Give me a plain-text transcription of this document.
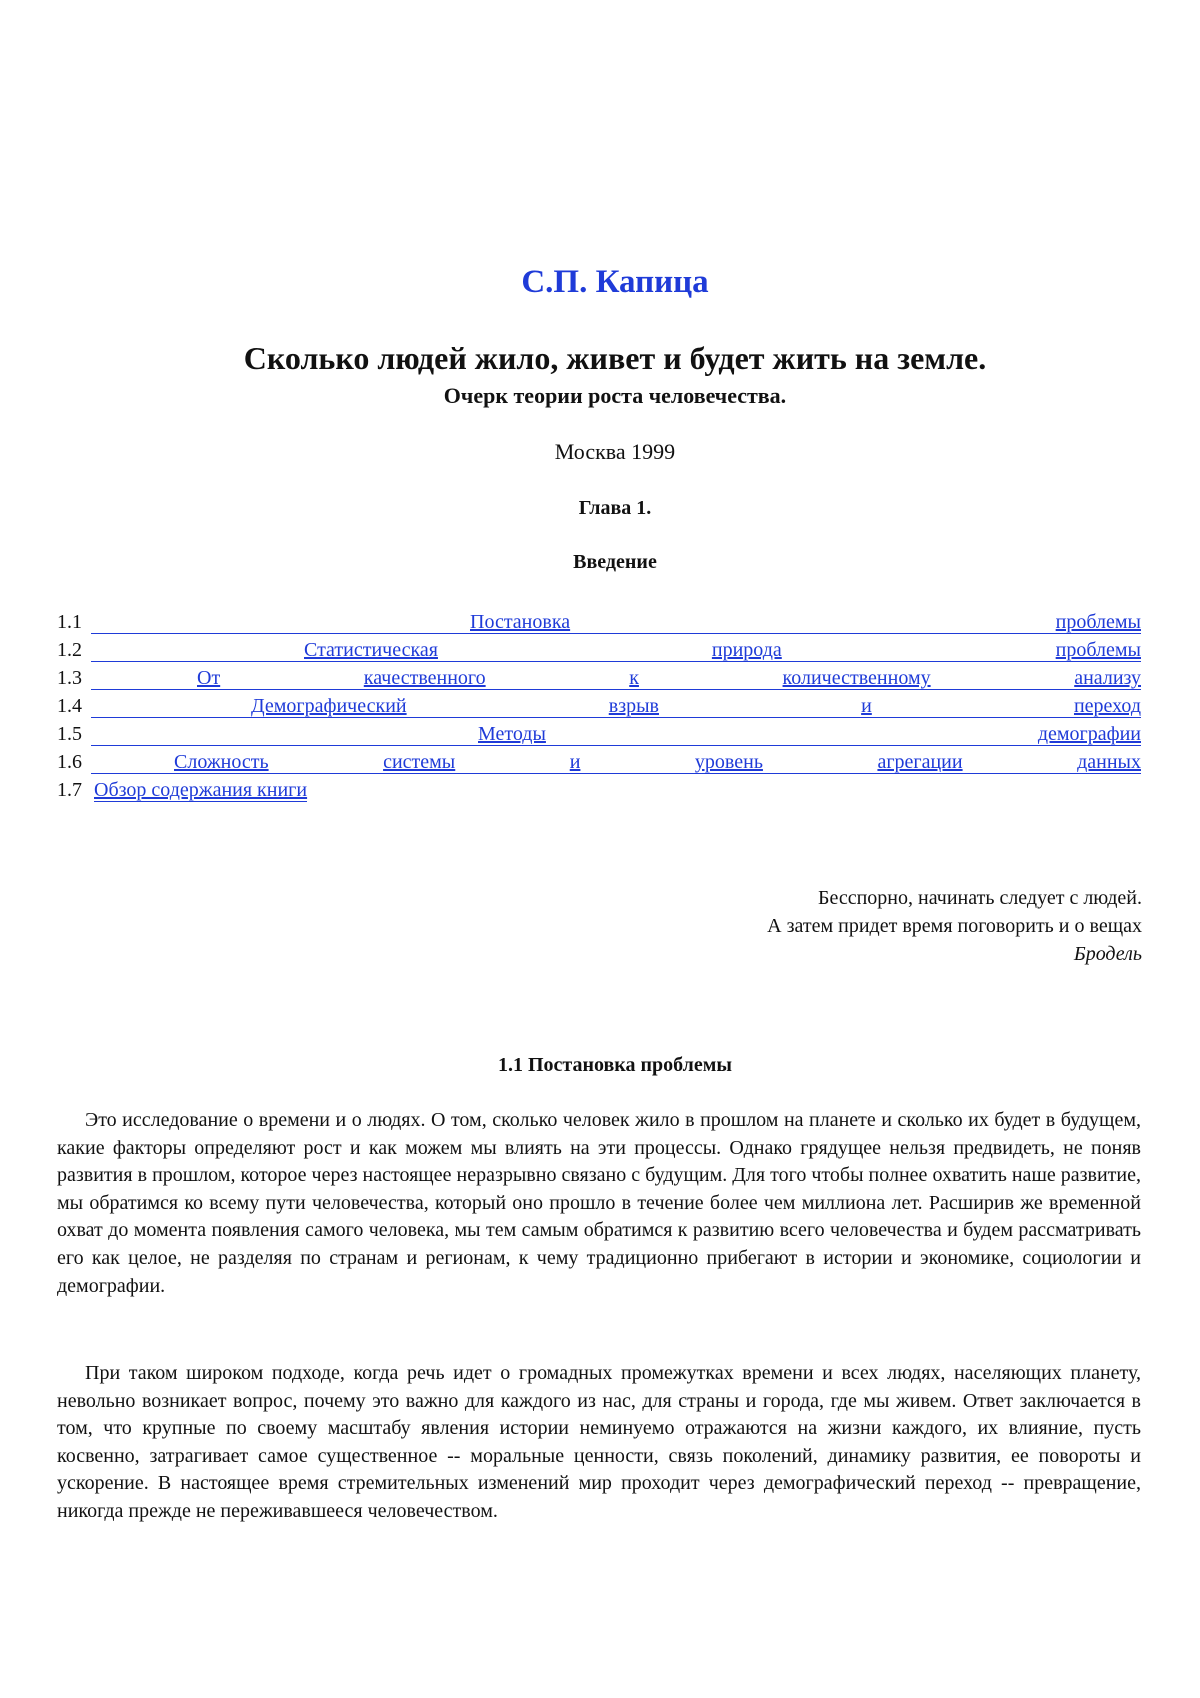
С.П. Капица
Сколько людей жило, живет и будет жить на земле.
Очерк теории роста человечества.
Москва 1999
Глава 1.
Введение
1.1	Постановка	проблемы
1.2	Статистическая	природа	проблемы
1.3	От	качественного	к	количественному	анализу
1.4	Демографический	взрыв	и	переход
1.5	Методы	демографии
1.6	Сложность	системы	и	уровень	агрегации	данных
1.7 Обзор содержания книги
Бесспорно, начинать следует с людей.
А затем придет время поговорить и о вещах
Бродель
1.1 Постановка проблемы

Это исследование о времени и о людях. О том, сколько человек жило в прошлом на планете и сколько их будет в будущем, какие факторы определяют рост и как можем мы влиять на эти процессы. Однако грядущее нельзя предвидеть, не поняв развития в прошлом, которое через настоящее неразрывно связано с будущим. Для того чтобы полнее охватить наше развитие, мы обратимся ко всему пути человечества, который оно прошло в течение более чем миллиона лет. Расширив же временной охват до момента появления самого человека, мы тем самым обратимся к развитию всего человечества и будем рассматривать его как целое, не разделяя по странам и регионам, к чему традиционно прибегают в истории и экономике, социологии и демографии.

При таком широком подходе, когда речь идет о громадных промежутках времени и всех людях, населяющих планету, невольно возникает вопрос, почему это важно для каждого из нас, для страны и города, где мы живем. Ответ заключается в том, что крупные по своему масштабу явления истории неминуемо отражаются на жизни каждого, их влияние, пусть косвенно, затрагивает самое существенное -- моральные ценности, связь поколений, динамику развития, ее повороты и ускорение. В настоящее время стремительных изменений мир проходит через демографический переход -- превращение, никогда прежде не переживавшееся человечеством.
